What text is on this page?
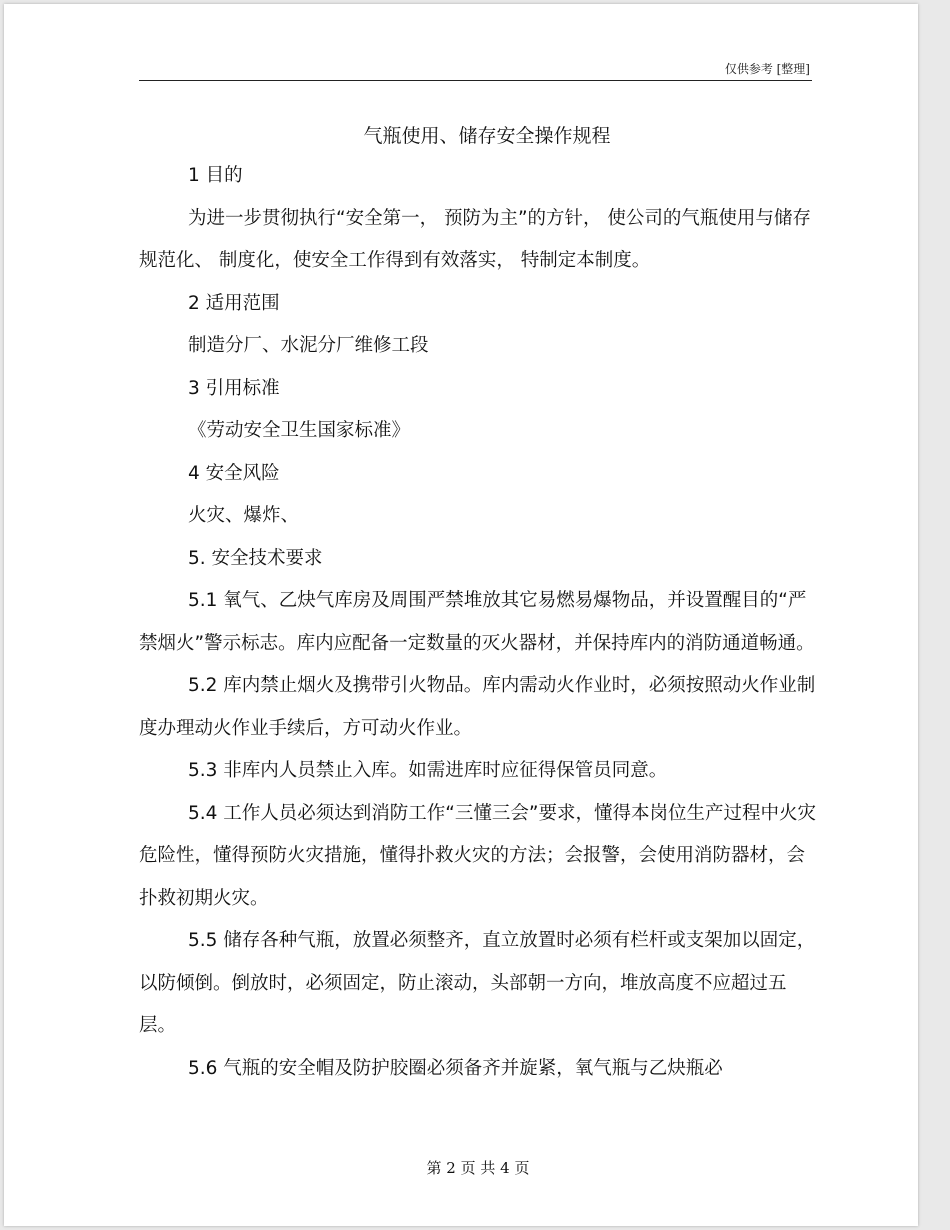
仅供参考 [整理]
气瓶使用、储存安全操作规程

1 目的

为进一步贯彻执行“安全第一， 预防为主”的方针， 使公司的气瓶使用与储存规范化、 制度化，使安全工作得到有效落实， 特制定本制度。

2 适用范围

制造分厂、水泥分厂维修工段

3 引用标准

《劳动安全卫生国家标准》

4 安全风险

火灾、爆炸、

5. 安全技术要求

5.1 氧气、乙炔气库房及周围严禁堆放其它易燃易爆物品，并设置醒目的“严禁烟火”警示标志。库内应配备一定数量的灭火器材，并保持库内的消防通道畅通。

5.2 库内禁止烟火及携带引火物品。库内需动火作业时，必须按照动火作业制度办理动火作业手续后，方可动火作业。

5.3 非库内人员禁止入库。如需进库时应征得保管员同意。

5.4 工作人员必须达到消防工作“三懂三会”要求，懂得本岗位生产过程中火灾危险性，懂得预防火灾措施，懂得扑救火灾的方法；会报警，会使用消防器材，会扑救初期火灾。

5.5 储存各种气瓶，放置必须整齐，直立放置时必须有栏杆或支架加以固定，以防倾倒。倒放时，必须固定，防止滚动，头部朝一方向，堆放高度不应超过五层。

5.6 气瓶的安全帽及防护胶圈必须备齐并旋紧，氧气瓶与乙炔瓶必

第 2 页 共 4 页
